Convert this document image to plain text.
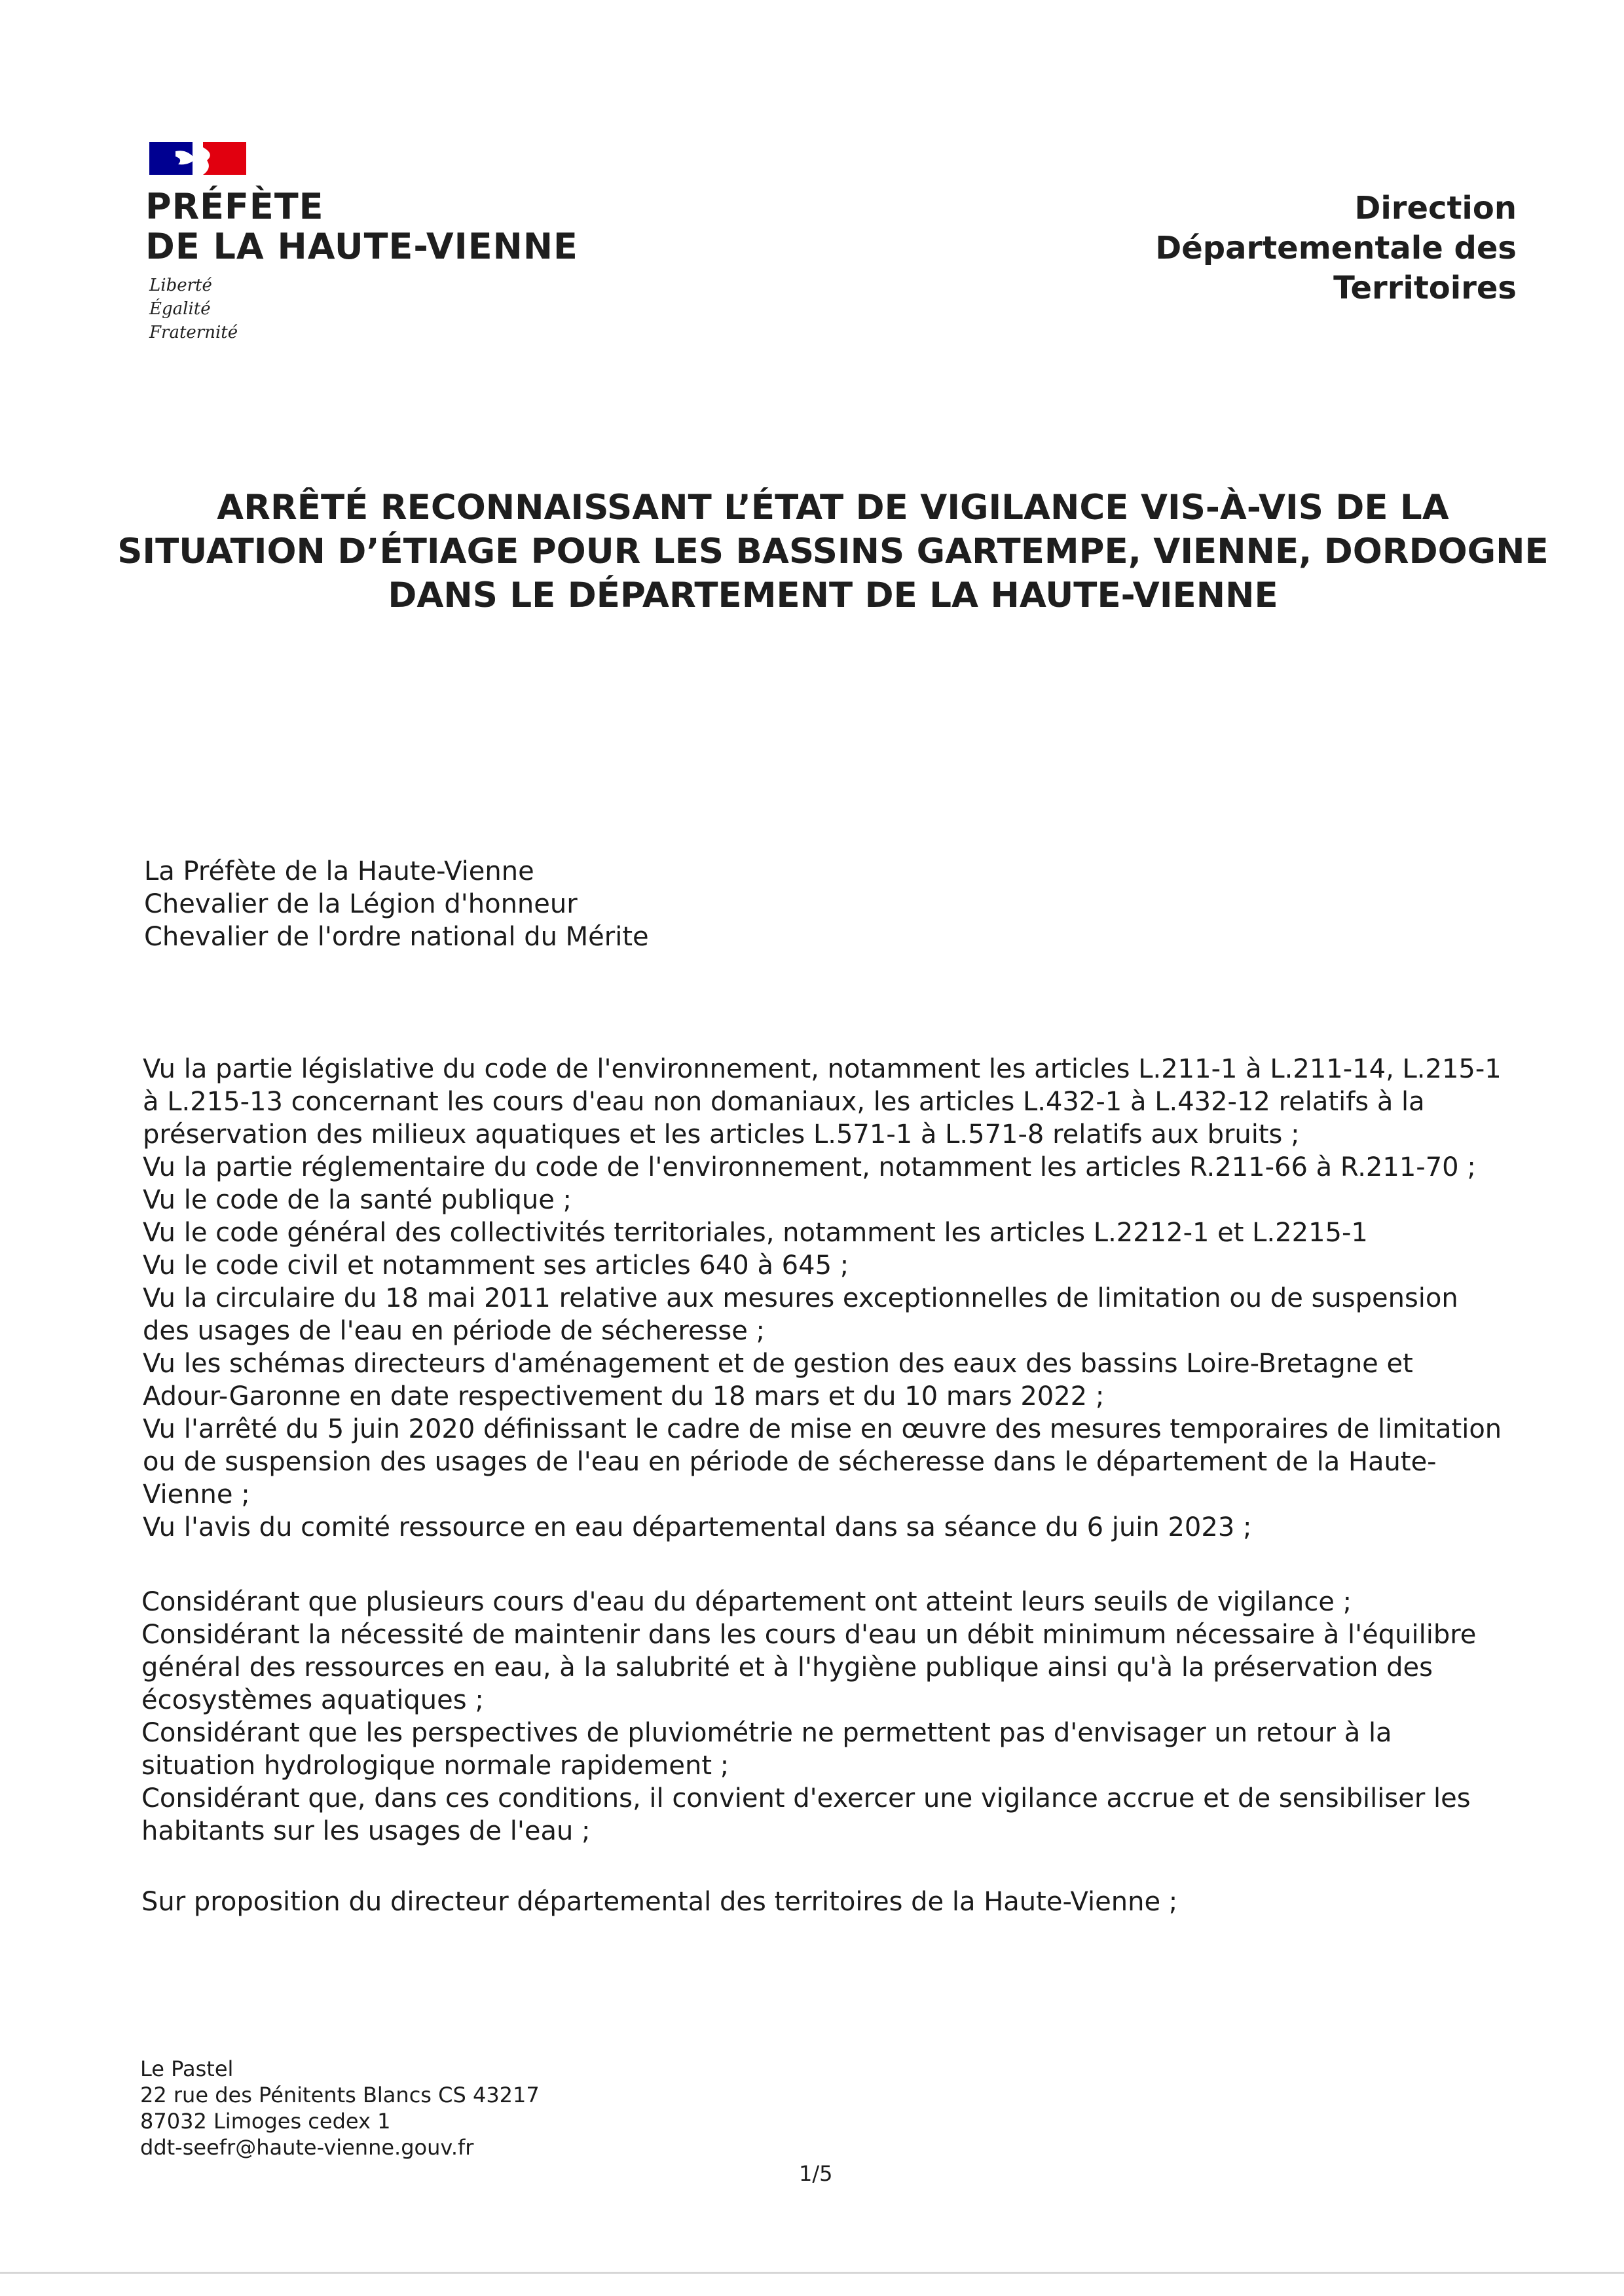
PRÉFÈTE
DE LA HAUTE-VIENNE
Liberté
Égalité
Fraternité
Direction
Départementale des
Territoires
ARRÊTÉ RECONNAISSANT L’ÉTAT DE VIGILANCE VIS-À-VIS DE LA
SITUATION D’ÉTIAGE POUR LES BASSINS GARTEMPE, VIENNE, DORDOGNE
DANS LE DÉPARTEMENT DE LA HAUTE-VIENNE
La Préfète de la Haute-Vienne
Chevalier de la Légion d'honneur
Chevalier de l'ordre national du Mérite

Vu la partie législative du code de l'environnement, notamment les articles L.211-1 à L.211-14, L.215-1 à L.215-13 concernant les cours d'eau non domaniaux, les articles L.432-1 à L.432-12 relatifs à la préservation des milieux aquatiques et les articles L.571-1 à L.571-8 relatifs aux bruits ;

Vu la partie réglementaire du code de l'environnement, notamment les articles R.211-66 à R.211-70 ;

Vu le code de la santé publique ;

Vu le code général des collectivités territoriales, notamment les articles L.2212-1 et L.2215-1

Vu le code civil et notamment ses articles 640 à 645 ;

Vu la circulaire du 18 mai 2011 relative aux mesures exceptionnelles de limitation ou de suspension des usages de l'eau en période de sécheresse ;

Vu les schémas directeurs d'aménagement et de gestion des eaux des bassins Loire-Bretagne et Adour-Garonne en date respectivement du 18 mars et du 10 mars 2022 ;

Vu l'arrêté du 5 juin 2020 définissant le cadre de mise en œuvre des mesures temporaires de limitation ou de suspension des usages de l'eau en période de sécheresse dans le département de la Haute-Vienne ;

Vu l'avis du comité ressource en eau départemental dans sa séance du 6 juin 2023 ;

Considérant que plusieurs cours d'eau du département ont atteint leurs seuils de vigilance ;

Considérant la nécessité de maintenir dans les cours d'eau un débit minimum nécessaire à l'équilibre général des ressources en eau, à la salubrité et à l'hygiène publique ainsi qu'à la préservation des écosystèmes aquatiques ;

Considérant que les perspectives de pluviométrie ne permettent pas d'envisager un retour à la situation hydrologique normale rapidement ;

Considérant que, dans ces conditions, il convient d'exercer une vigilance accrue et de sensibiliser les habitants sur les usages de l'eau ;

Sur proposition du directeur départemental des territoires de la Haute-Vienne ;
Le Pastel
22 rue des Pénitents Blancs CS 43217
87032 Limoges cedex 1
ddt-seefr@haute-vienne.gouv.fr
1/5
